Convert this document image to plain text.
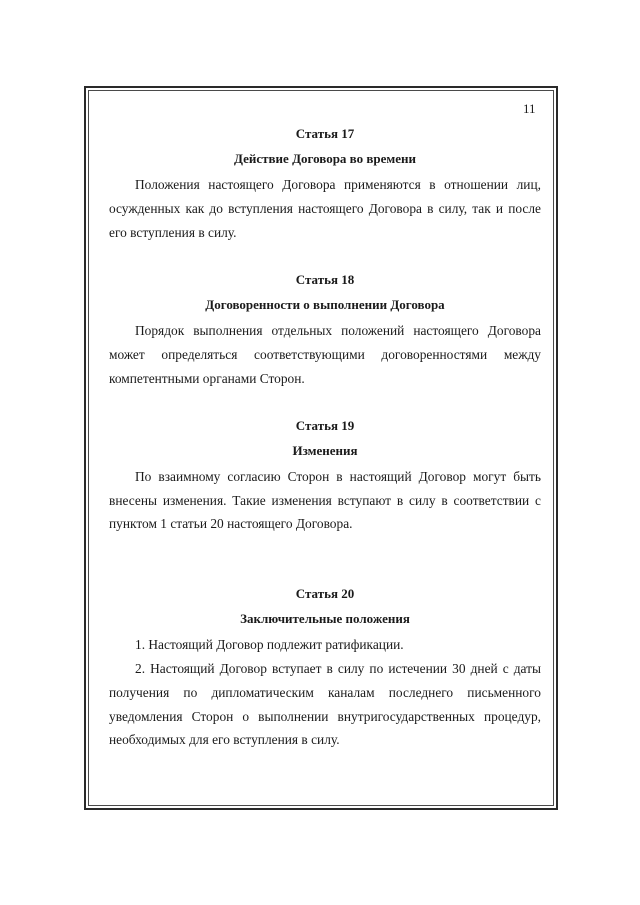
11
Статья 17
Действие Договора во времени

Положения настоящего Договора применяются в отношении лиц, осужденных как до вступления настоящего Договора в силу, так и после его вступления в силу.

Статья 18
Договоренности о выполнении Договора

Порядок выполнения отдельных положений настоящего Договора может определяться соответствующими договоренностями между компетентными органами Сторон.

Статья 19
Изменения

По взаимному согласию Сторон в настоящий Договор могут быть внесены изменения. Такие изменения вступают в силу в соответствии с пунктом 1 статьи 20 настоящего Договора.

Статья 20
Заключительные положения

1. Настоящий Договор подлежит ратификации.

2. Настоящий Договор вступает в силу по истечении 30 дней с даты получения по дипломатическим каналам последнего письменного уведомления Сторон о выполнении внутригосударственных процедур, необходимых для его вступления в силу.
